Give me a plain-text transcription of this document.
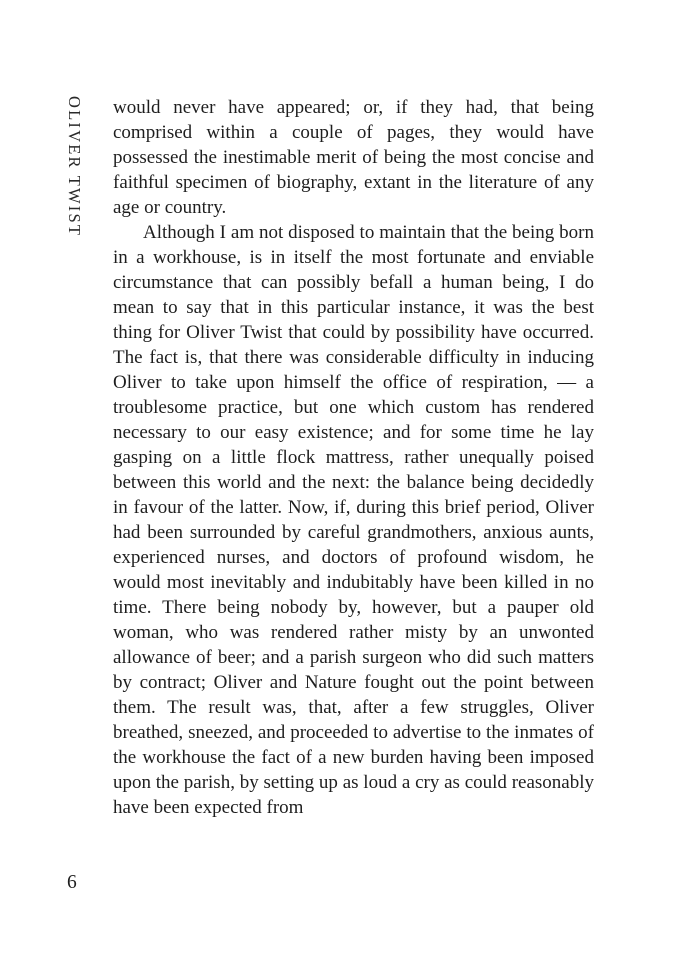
OLIVER TWIST would never have appeared; or, if they had, that being comprised within a couple of pages, they would have possessed the inestimable merit of being the most concise and faithful specimen of biography, extant in the literature of any age or country.

Although I am not disposed to maintain that the being born in a workhouse, is in itself the most fortunate and enviable circumstance that can possibly befall a human being, I do mean to say that in this particular instance, it was the best thing for Oliver Twist that could by possibility have occurred. The fact is, that there was considerable difficulty in inducing Oliver to take upon himself the office of respiration, — a troublesome practice, but one which custom has rendered necessary to our easy existence; and for some time he lay gasping on a little flock mattress, rather unequally poised between this world and the next: the balance being decidedly in favour of the latter. Now, if, during this brief period, Oliver had been surrounded by careful grandmothers, anxious aunts, experienced nurses, and doctors of profound wisdom, he would most inevitably and indubitably have been killed in no time. There being nobody by, however, but a pauper old woman, who was rendered rather misty by an unwonted allowance of beer; and a parish surgeon who did such matters by contract; Oliver and Nature fought out the point between them. The result was, that, after a few struggles, Oliver breathed, sneezed, and proceeded to advertise to the inmates of the workhouse the fact of a new burden having been imposed upon the parish, by setting up as loud a cry as could reasonably have been expected from

6
